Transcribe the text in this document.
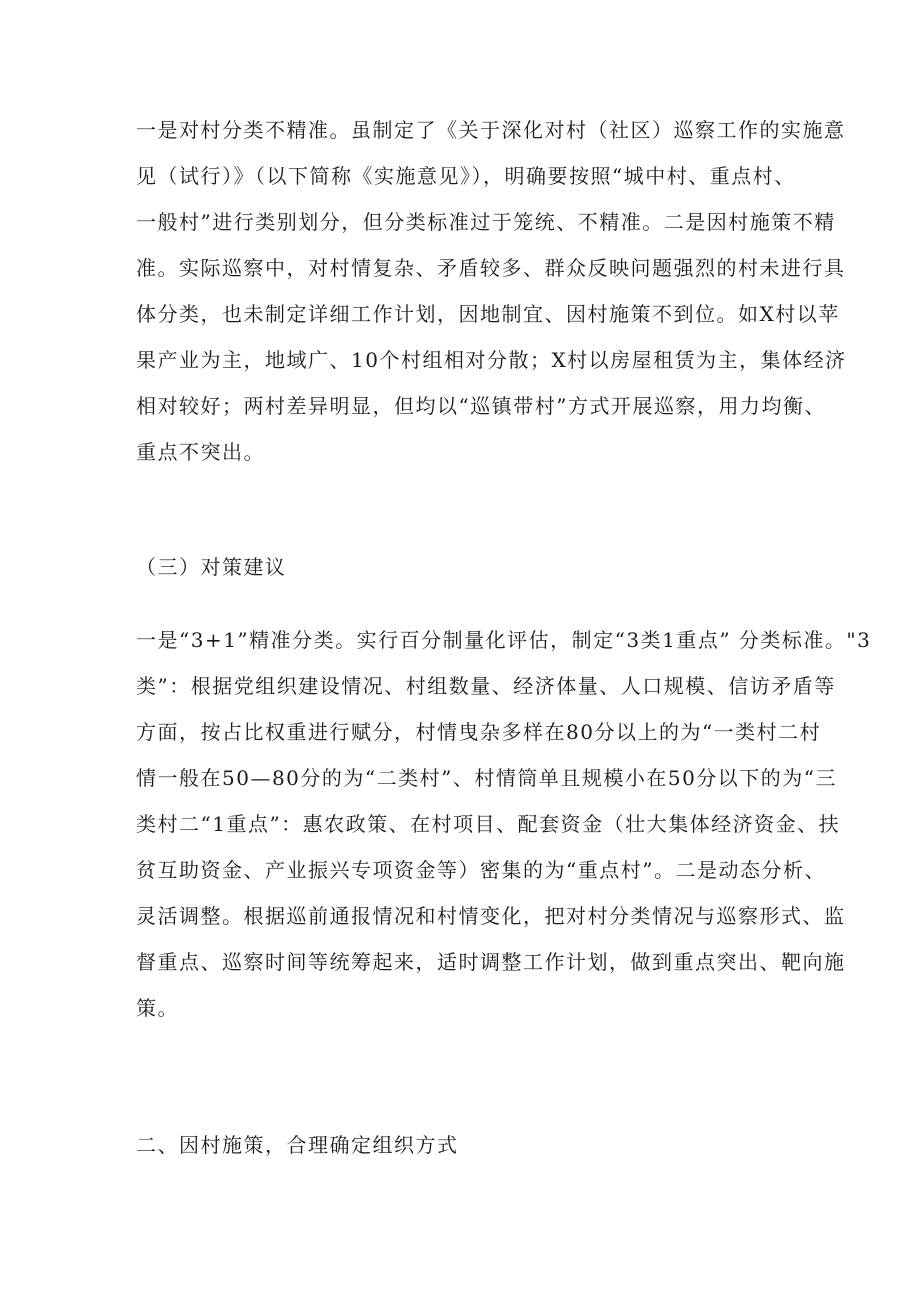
一是对村分类不精准。虽制定了《关于深化对村（社区）巡察工作的实施意
见（试行）》（以下简称《实施意见》），明确要按照“城中村、重点村、
一般村”进行类别划分，但分类标准过于笼统、不精准。二是因村施策不精
准。实际巡察中，对村情复杂、矛盾较多、群众反映问题强烈的村未进行具
体分类，也未制定详细工作计划，因地制宜、因村施策不到位。如X村以苹
果产业为主，地域广、10个村组相对分散；X村以房屋租赁为主，集体经济
相对较好；两村差异明显，但均以“巡镇带村”方式开展巡察，用力均衡、
重点不突出。
（三）对策建议
一是“3+1”精准分类。实行百分制量化评估，制定“3类1重点” 分类标准。"3
类”：根据党组织建设情况、村组数量、经济体量、人口规模、信访矛盾等
方面，按占比权重进行赋分，村情曳杂多样在80分以上的为“一类村二村
情一般在50—80分的为“二类村”、村情筒单且规模小在50分以下的为“三
类村二“1重点”：惠农政策、在村项目、配套资金（壮大集体经济资金、扶
贫互助资金、产业振兴专项资金等）密集的为“重点村”。二是动态分析、
灵活调整。根据巡前通报情况和村情变化，把对村分类情况与巡察形式、监
督重点、巡察时间等统筹起来，适时调整工作计划，做到重点突出、靶向施
策。
二、因村施策，合理确定组织方式
